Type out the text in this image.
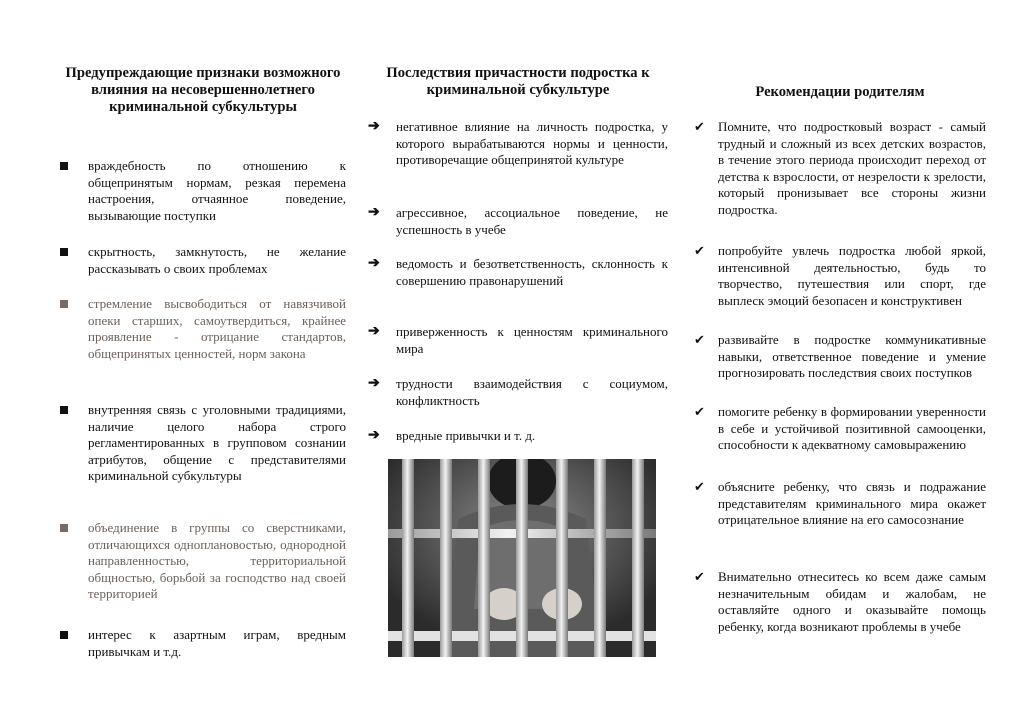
Предупреждающие признаки возможного влияния на несовершеннолетнего криминальной субкультуры
враждебность по отношению к общепринятым нормам, резкая перемена настроения, отчаянное поведение, вызывающие поступки
скрытность, замкнутость, не желание рассказывать о своих проблемах
стремление высвободиться от навязчивой опеки старших, самоутвердиться, крайнее проявление - отрицание стандартов, общепринятых ценностей, норм закона
внутренняя связь с уголовными традициями, наличие целого набора строго регламентированных в групповом сознании атрибутов, общение с представителями криминальной субкультуры
объединение в группы со сверстниками, отличающихся одноплановостью, однородной направленностью, территориальной общностью, борьбой за господство над своей территорией
интерес к азартным играм, вредным привычкам и т.д.
Последствия причастности подростка к криминальной субкультуре
➔ негативное влияние на личность подростка, у которого вырабатываются нормы и ценности, противоречащие общепринятой культуре
➔ агрессивное, ассоциальное поведение, не успешность в учебе
➔ ведомость и безответственность, склонность к совершению правонарушений
➔ приверженность к ценностям криминального мира
➔ трудности взаимодействия с социумом, конфликтность
➔ вредные привычки и т. д.
Рекомендации родителям
✔ Помните, что подростковый возраст - самый трудный и сложный из всех детских возрастов, в течение этого периода происходит переход от детства к взрослости, от незрелости к зрелости, который пронизывает все стороны жизни подростка.
✔ попробуйте увлечь подростка любой яркой, интенсивной деятельностью, будь то творчество, путешествия или спорт, где выплеск эмоций безопасен и конструктивен
✔ развивайте в подростке коммуникативные навыки, ответственное поведение и умение прогнозировать последствия своих поступков
✔ помогите ребенку в формировании уверенности в себе и устойчивой позитивной самооценки, способности к адекватному самовыражению
✔ объясните ребенку, что связь и подражание представителям криминального мира окажет отрицательное влияние на его самосознание
✔ Внимательно отнеситесь ко всем даже самым незначительным обидам и жалобам, не оставляйте одного и оказывайте помощь ребенку, когда возникают проблемы в учебе
